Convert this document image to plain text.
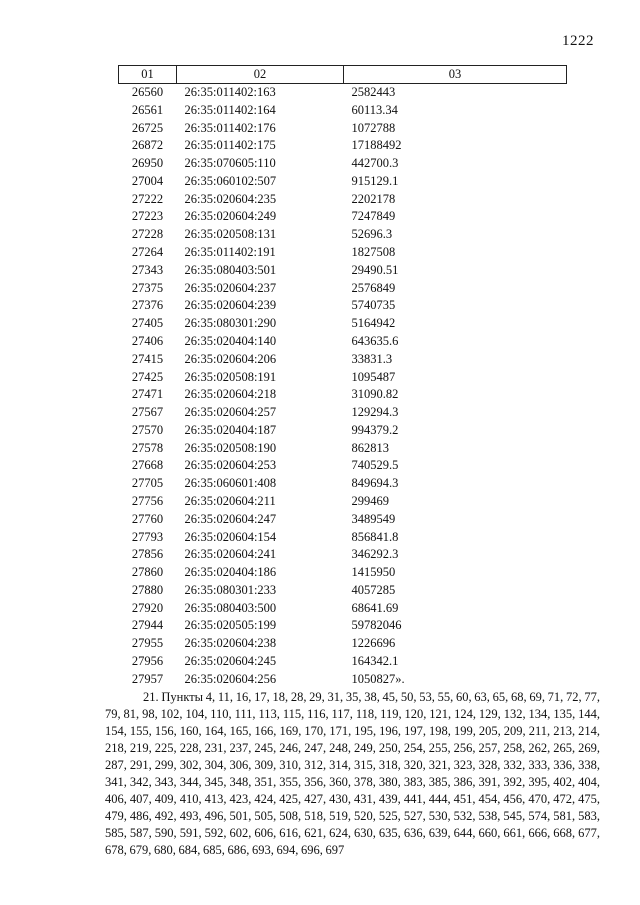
1222
01	02	03
26560	26:35:011402:163	2582443
26561	26:35:011402:164	60113.34
26725	26:35:011402:176	1072788
26872	26:35:011402:175	17188492
26950	26:35:070605:110	442700.3
27004	26:35:060102:507	915129.1
27222	26:35:020604:235	2202178
27223	26:35:020604:249	7247849
27228	26:35:020508:131	52696.3
27264	26:35:011402:191	1827508
27343	26:35:080403:501	29490.51
27375	26:35:020604:237	2576849
27376	26:35:020604:239	5740735
27405	26:35:080301:290	5164942
27406	26:35:020404:140	643635.6
27415	26:35:020604:206	33831.3
27425	26:35:020508:191	1095487
27471	26:35:020604:218	31090.82
27567	26:35:020604:257	129294.3
27570	26:35:020404:187	994379.2
27578	26:35:020508:190	862813
27668	26:35:020604:253	740529.5
27705	26:35:060601:408	849694.3
27756	26:35:020604:211	299469
27760	26:35:020604:247	3489549
27793	26:35:020604:154	856841.8
27856	26:35:020604:241	346292.3
27860	26:35:020404:186	1415950
27880	26:35:080301:233	4057285
27920	26:35:080403:500	68641.69
27944	26:35:020505:199	59782046
27955	26:35:020604:238	1226696
27956	26:35:020604:245	164342.1
27957	26:35:020604:256	1050827».
21. Пункты 4, 11, 16, 17, 18, 28, 29, 31, 35, 38, 45, 50, 53, 55, 60, 63, 65, 68, 69, 71, 72, 77, 79, 81, 98, 102, 104, 110, 111, 113, 115, 116, 117, 118, 119, 120, 121, 124, 129, 132, 134, 135, 144, 154, 155, 156, 160, 164, 165, 166, 169, 170, 171, 195, 196, 197, 198, 199, 205, 209, 211, 213, 214, 218, 219, 225, 228, 231, 237, 245, 246, 247, 248, 249, 250, 254, 255, 256, 257, 258, 262, 265, 269, 287, 291, 299, 302, 304, 306, 309, 310, 312, 314, 315, 318, 320, 321, 323, 328, 332, 333, 336, 338, 341, 342, 343, 344, 345, 348, 351, 355, 356, 360, 378, 380, 383, 385, 386, 391, 392, 395, 402, 404, 406, 407, 409, 410, 413, 423, 424, 425, 427, 430, 431, 439, 441, 444, 451, 454, 456, 470, 472, 475, 479, 486, 492, 493, 496, 501, 505, 508, 518, 519, 520, 525, 527, 530, 532, 538, 545, 574, 581, 583, 585, 587, 590, 591, 592, 602, 606, 616, 621, 624, 630, 635, 636, 639, 644, 660, 661, 666, 668, 677, 678, 679, 680, 684, 685, 686, 693, 694, 696, 697
